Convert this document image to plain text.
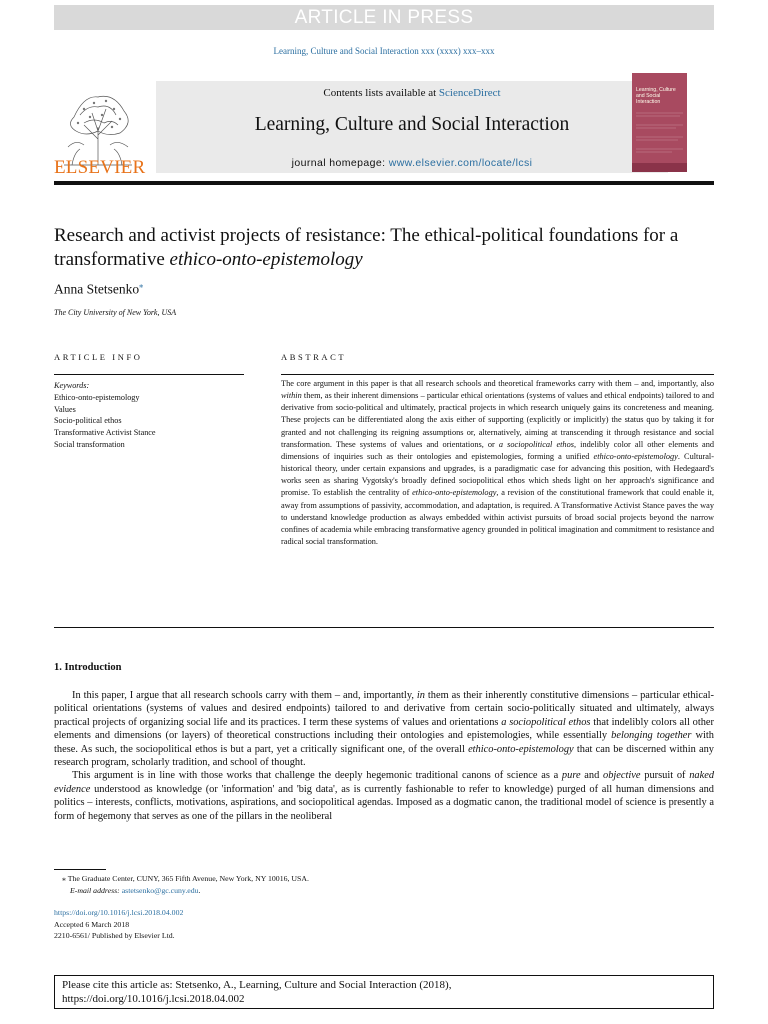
ARTICLE IN PRESS
Learning, Culture and Social Interaction xxx (xxxx) xxx–xxx
ELSEVIER
Contents lists available at ScienceDirect
Learning, Culture and Social Interaction
journal homepage: www.elsevier.com/locate/lcsi
Learning, Culture and Social Interaction
Research and activist projects of resistance: The ethical-political foundations for a transformative ethico-onto-epistemology
Anna Stetsenko⁎
The City University of New York, USA
ARTICLE INFO	ABSTRACT
Keywords:
Ethico-onto-epistemology
Values
Socio-political ethos
Transformative Activist Stance
Social transformation
The core argument in this paper is that all research schools and theoretical frameworks carry with them – and, importantly, also within them, as their inherent dimensions – particular ethical orientations (systems of values and ethical endpoints) tailored to and derivative from socio-political and ultimately, practical projects in which research uniquely gains its concreteness and meaning. These projects can be differentiated along the axis either of supporting (explicitly or implicitly) the status quo by taking it for granted and not challenging its reigning assumptions or, alternatively, aiming at transcending it through resistance and social transformation. These systems of values and orientations, or a sociopolitical ethos, indelibly color all other elements and dimensions of inquiries such as their ontologies and epistemologies, forming a unified ethico-onto-epistemology. Cultural-historical theory, under certain expansions and upgrades, is a paradigmatic case for advancing this position, with Hedegaard's works seen as sharing Vygotsky's broadly defined sociopolitical ethos which sheds light on her approach's significance and promise. To establish the centrality of ethico-onto-epistemology, a revision of the constitutional framework that could enable it, away from assumptions of passivity, accommodation, and adaptation, is required. A Transformative Activist Stance paves the way to understand knowledge production as always embedded within activist pursuits of broad social projects beyond the narrow confines of academia while embracing transformative agency grounded in political imagination and commitment to resistance and radical social transformation.
1. Introduction

In this paper, I argue that all research schools carry with them – and, importantly, in them as their inherently constitutive dimensions – particular ethical-political orientations (systems of values and desired endpoints) tailored to and derivative from certain socio-politically situated and ultimately, always practical projects of organizing social life and its practices. I term these systems of values and orientations a sociopolitical ethos that indelibly colors all other elements and dimensions (or layers) of theoretical constructions including their ontologies and epistemologies, while essentially belonging together with these. As such, the sociopolitical ethos is but a part, yet a critically significant one, of the overall ethico-onto-epistemology that can be discerned within any research program, scholarly tradition, and school of thought.

This argument is in line with those works that challenge the deeply hegemonic traditional canons of science as a pure and objective pursuit of naked evidence understood as knowledge (or 'information' and 'big data', as is currently fashionable to refer to knowledge) purged of all human dimensions and politics – interests, conflicts, motivations, aspirations, and sociopolitical agendas. Imposed as a dogmatic canon, the traditional model of science is presently a form of hegemony that serves as one of the pillars in the neoliberal

⁎ The Graduate Center, CUNY, 365 Fifth Avenue, New York, NY 10016, USA.
E-mail address: astetsenko@gc.cuny.edu.
https://doi.org/10.1016/j.lcsi.2018.04.002
Accepted 6 March 2018
2210-6561/ Published by Elsevier Ltd.
Please cite this article as: Stetsenko, A., Learning, Culture and Social Interaction (2018),
https://doi.org/10.1016/j.lcsi.2018.04.002
